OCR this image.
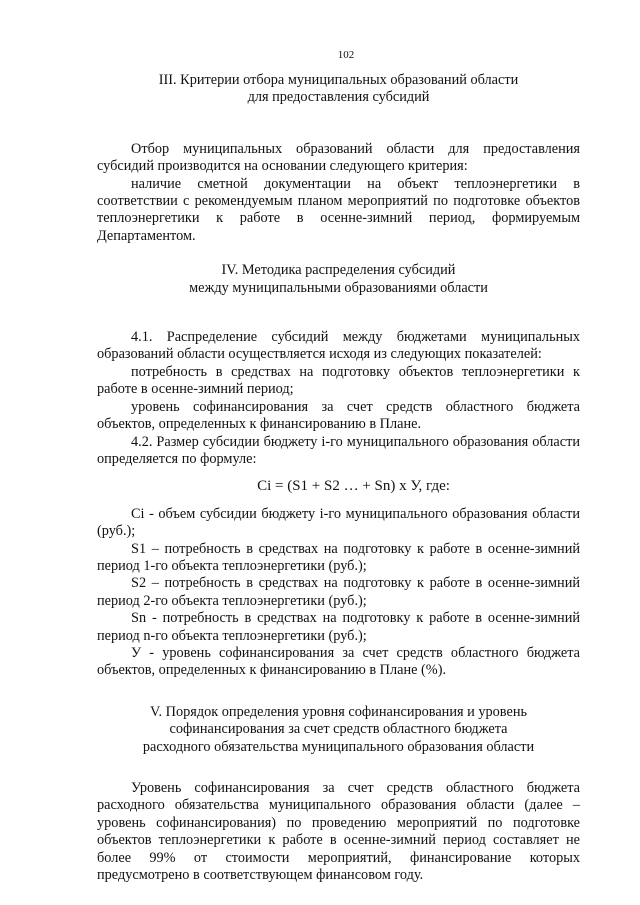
102

III. Критерии отбора муниципальных образований области

для предоставления субсидий

Отбор муниципальных образований области для предоставления субсидий производится на основании следующего критерия:

наличие сметной документации на объект теплоэнергетики в соответствии с рекомендуемым планом мероприятий по подготовке объектов теплоэнергетики к работе в осенне-зимний период, формируемым Департаментом.

IV. Методика распределения субсидий

между муниципальными образованиями области

4.1. Распределение субсидий между бюджетами муниципальных образований области осуществляется исходя из следующих показателей:

потребность в средствах на подготовку объектов теплоэнергетики к работе в осенне-зимний период;

уровень софинансирования за счет средств областного бюджета объектов, определенных к финансированию в Плане.

4.2. Размер субсидии бюджету i-го муниципального образования области определяется по формуле:

Ci = (S1 + S2 … + Sn) x У, где:

Ci - объем субсидии бюджету i-го муниципального образования области (руб.);

S1 – потребность в средствах на подготовку к работе в осенне-зимний период 1-го объекта теплоэнергетики (руб.);

S2 – потребность в средствах на подготовку к работе в осенне-зимний период 2-го объекта теплоэнергетики (руб.);

Sn - потребность в средствах на подготовку к работе в осенне-зимний период n-го объекта теплоэнергетики (руб.);

У - уровень софинансирования за счет средств областного бюджета объектов, определенных к финансированию в Плане (%).

V. Порядок определения уровня софинансирования и уровень

софинансирования за счет средств областного бюджета

расходного обязательства муниципального образования области

Уровень софинансирования за счет средств областного бюджета расходного обязательства муниципального образования области (далее – уровень софинансирования) по проведению мероприятий по подготовке объектов теплоэнергетики к работе в осенне-зимний период составляет не более 99% от стоимости мероприятий, финансирование которых предусмотрено в соответствующем финансовом году.
